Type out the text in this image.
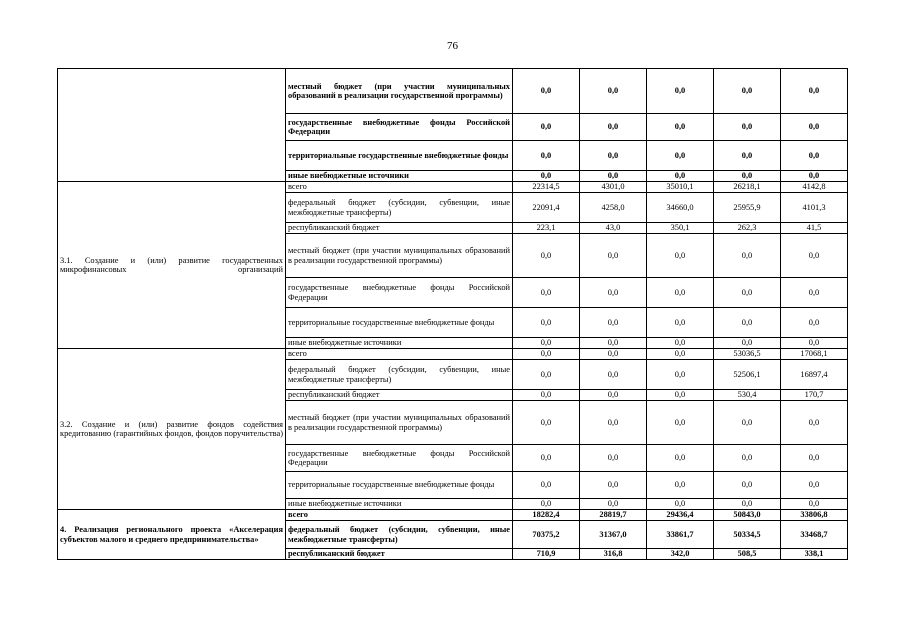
76
	местный бюджет (при участии муниципальных образований в реализации государственной программы)	0,0	0,0	0,0	0,0	0,0
	государственные внебюджетные фонды Российской Федерации	0,0	0,0	0,0	0,0	0,0
	территориальные государственные внебюджетные фонды	0,0	0,0	0,0	0,0	0,0
	иные внебюджетные источники	0,0	0,0	0,0	0,0	0,0
3.1. Создание и (или) развитие государственных микрофинансовых организаций	всего	22314,5	4301,0	35010,1	26218,1	4142,8
	федеральный бюджет (субсидии, субвенции, иные межбюджетные трансферты)	22091,4	4258,0	34660,0	25955,9	4101,3
	республиканский бюджет	223,1	43,0	350,1	262,3	41,5
	местный бюджет (при участии муниципальных образований в реализации государственной программы)	0,0	0,0	0,0	0,0	0,0
	государственные внебюджетные фонды Российской Федерации	0,0	0,0	0,0	0,0	0,0
	территориальные государственные внебюджетные фонды	0,0	0,0	0,0	0,0	0,0
	иные внебюджетные источники	0,0	0,0	0,0	0,0	0,0
3.2. Создание и (или) развитие фондов содействия кредитованию (гарантийных фондов, фондов поручительства)	всего	0,0	0,0	0,0	53036,5	17068,1
	федеральный бюджет (субсидии, субвенции, иные межбюджетные трансферты)	0,0	0,0	0,0	52506,1	16897,4
	республиканский бюджет	0,0	0,0	0,0	530,4	170,7
	местный бюджет (при участии муниципальных образований в реализации государственной программы)	0,0	0,0	0,0	0,0	0,0
	государственные внебюджетные фонды Российской Федерации	0,0	0,0	0,0	0,0	0,0
	территориальные государственные внебюджетные фонды	0,0	0,0	0,0	0,0	0,0
	иные внебюджетные источники	0,0	0,0	0,0	0,0	0,0
4. Реализация регионального проекта «Акселерация субъектов малого и среднего предпринимательства»	всего	18282,4	28819,7	29436,4	50843,0	33806,8
	федеральный бюджет (субсидии, субвенции, иные межбюджетные трансферты)	70375,2	31367,0	33861,7	50334,5	33468,7
	республиканский бюджет	710,9	316,8	342,0	508,5	338,1
